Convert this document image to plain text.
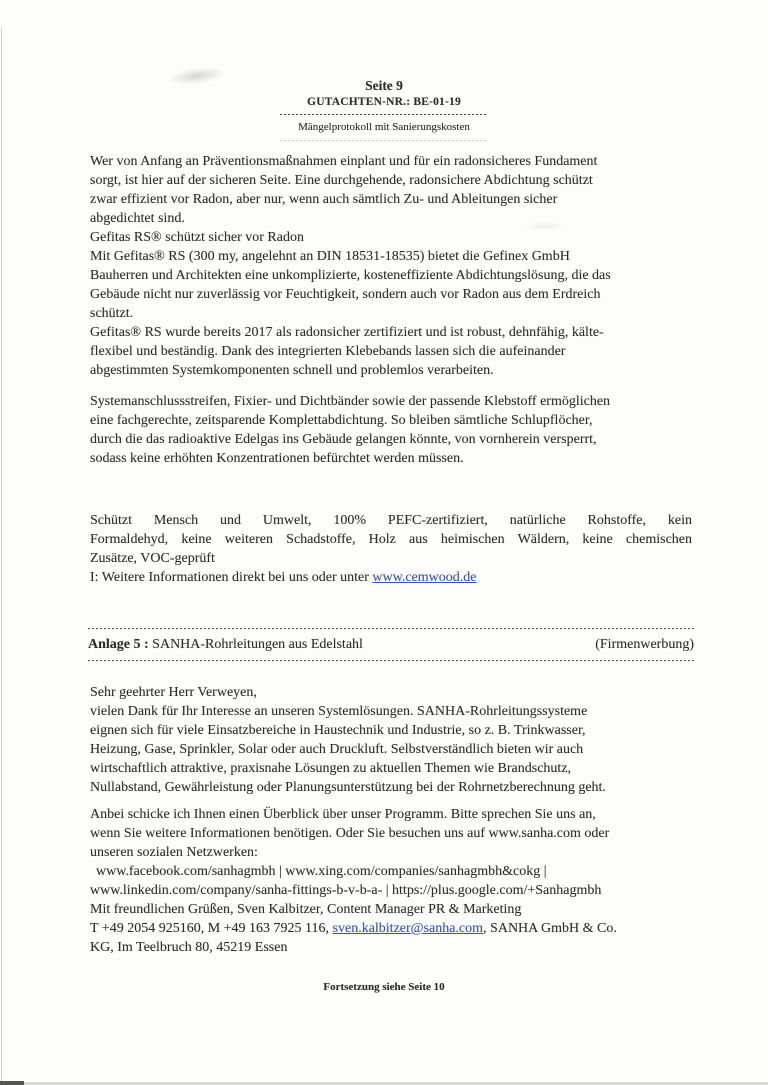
Seite 9
GUTACHTEN-NR.: BE-01-19
Mängelprotokoll mit Sanierungskosten
Wer von Anfang an Präventionsmaßnahmen einplant und für ein radonsicheres Fundament
sorgt, ist hier auf der sicheren Seite. Eine durchgehende, radonsichere Abdichtung schützt
zwar effizient vor Radon, aber nur, wenn auch sämtlich Zu- und Ableitungen sicher
abgedichtet sind.
Gefitas RS® schützt sicher vor Radon
Mit Gefitas® RS (300 my, angelehnt an DIN 18531-18535) bietet die Gefinex GmbH
Bauherren und Architekten eine unkomplizierte, kosteneffiziente Abdichtungslösung, die das
Gebäude nicht nur zuverlässig vor Feuchtigkeit, sondern auch vor Radon aus dem Erdreich
schützt.
Gefitas® RS wurde bereits 2017 als radonsicher zertifiziert und ist robust, dehnfähig, kälte-
flexibel und beständig. Dank des integrierten Klebebands lassen sich die aufeinander
abgestimmten Systemkomponenten schnell und problemlos verarbeiten.
Systemanschlussstreifen, Fixier- und Dichtbänder sowie der passende Klebstoff ermöglichen
eine fachgerechte, zeitsparende Komplettabdichtung. So bleiben sämtliche Schlupflöcher,
durch die das radioaktive Edelgas ins Gebäude gelangen könnte, von vornherein versperrt,
sodass keine erhöhten Konzentrationen befürchtet werden müssen.
Schützt Mensch und Umwelt, 100% PEFC-zertifiziert, natürliche Rohstoffe, kein
Formaldehyd, keine weiteren Schadstoffe, Holz aus heimischen Wäldern, keine chemischen
Zusätze, VOC-geprüft
I: Weitere Informationen direkt bei uns oder unter www.cemwood.de
Anlage 5 : SANHA-Rohrleitungen aus Edelstahl	(Firmenwerbung)
Sehr geehrter Herr Verweyen,
vielen Dank für Ihr Interesse an unseren Systemlösungen. SANHA-Rohrleitungssysteme
eignen sich für viele Einsatzbereiche in Haustechnik und Industrie, so z. B. Trinkwasser,
Heizung, Gase, Sprinkler, Solar oder auch Druckluft. Selbstverständlich bieten wir auch
wirtschaftlich attraktive, praxisnahe Lösungen zu aktuellen Themen wie Brandschutz,
Nullabstand, Gewährleistung oder Planungsunterstützung bei der Rohrnetzberechnung geht.
Anbei schicke ich Ihnen einen Überblick über unser Programm. Bitte sprechen Sie uns an,
wenn Sie weitere Informationen benötigen. Oder Sie besuchen uns auf www.sanha.com oder
unseren sozialen Netzwerken:
www.facebook.com/sanhagmbh | www.xing.com/companies/sanhagmbh&cokg |
www.linkedin.com/company/sanha-fittings-b-v-b-a- | https://plus.google.com/+Sanhagmbh
Mit freundlichen Grüßen, Sven Kalbitzer, Content Manager PR & Marketing
T +49 2054 925160, M +49 163 7925 116, sven.kalbitzer@sanha.com, SANHA GmbH & Co.
KG, Im Teelbruch 80, 45219 Essen
Fortsetzung siehe Seite 10
